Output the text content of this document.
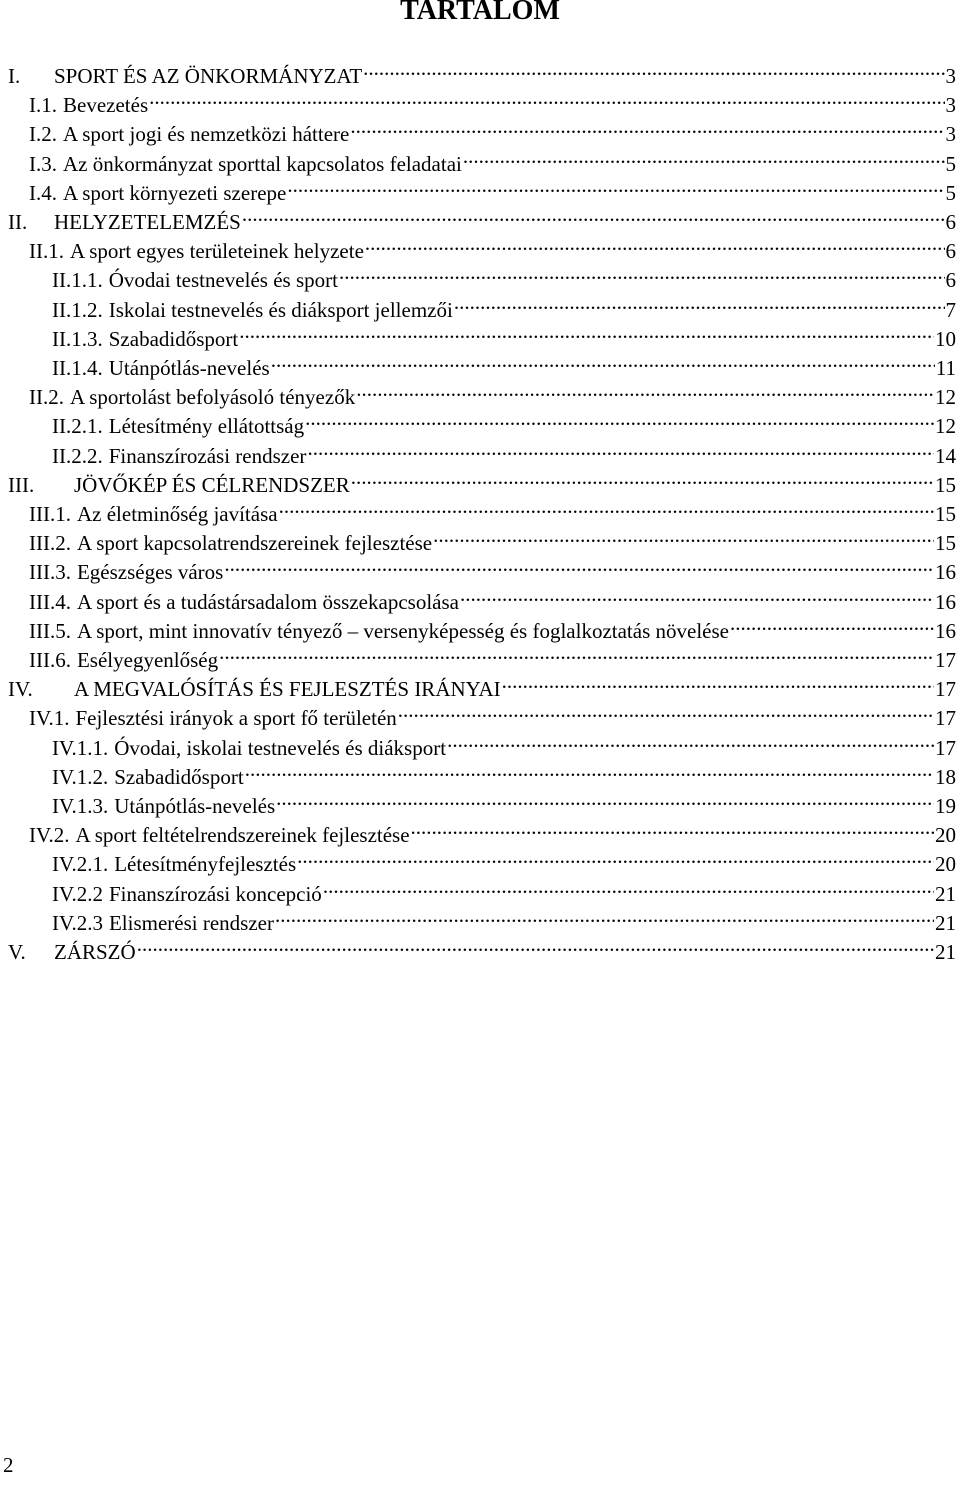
TARTALOM
I.	SPORT ÉS AZ ÖNKORMÁNYZAT .....	3
I.1. Bevezetés .....	3
I.2. A sport jogi és nemzetközi háttere .....	3
I.3. Az önkormányzat sporttal kapcsolatos feladatai .....	5
I.4. A sport környezeti szerepe .....	5
II.	HELYZETELEMZÉS .....	6
II.1. A sport egyes területeinek helyzete .....	6
II.1.1. Óvodai testnevelés és sport .....	6
II.1.2. Iskolai testnevelés és diáksport jellemzői .....	7
II.1.3. Szabadidősport .....	10
II.1.4. Utánpótlás-nevelés .....	11
II.2. A sportolást befolyásoló tényezők .....	12
II.2.1. Létesítmény ellátottság .....	12
II.2.2. Finanszírozási rendszer .....	14
III.	JÖVŐKÉP ÉS CÉLRENDSZER .....	15
III.1. Az életminőség javítása .....	15
III.2. A sport kapcsolatrendszereinek fejlesztése .....	15
III.3. Egészséges város .....	16
III.4. A sport és a tudástársadalom összekapcsolása .....	16
III.5. A sport, mint innovatív tényező – versenyképesség és foglalkoztatás növelése .....	16
III.6. Esélyegyenlőség .....	17
IV.	A MEGVALÓSÍTÁS ÉS FEJLESZTÉS IRÁNYAI .....	17
IV.1. Fejlesztési irányok a sport fő területén .....	17
IV.1.1. Óvodai, iskolai testnevelés és diáksport .....	17
IV.1.2. Szabadidősport .....	18
IV.1.3. Utánpótlás-nevelés .....	19
IV.2. A sport feltételrendszereinek fejlesztése .....	20
IV.2.1. Létesítményfejlesztés .....	20
IV.2.2 Finanszírozási koncepció .....	21
IV.2.3 Elismerési rendszer .....	21
V.	ZÁRSZÓ .....	21
2
